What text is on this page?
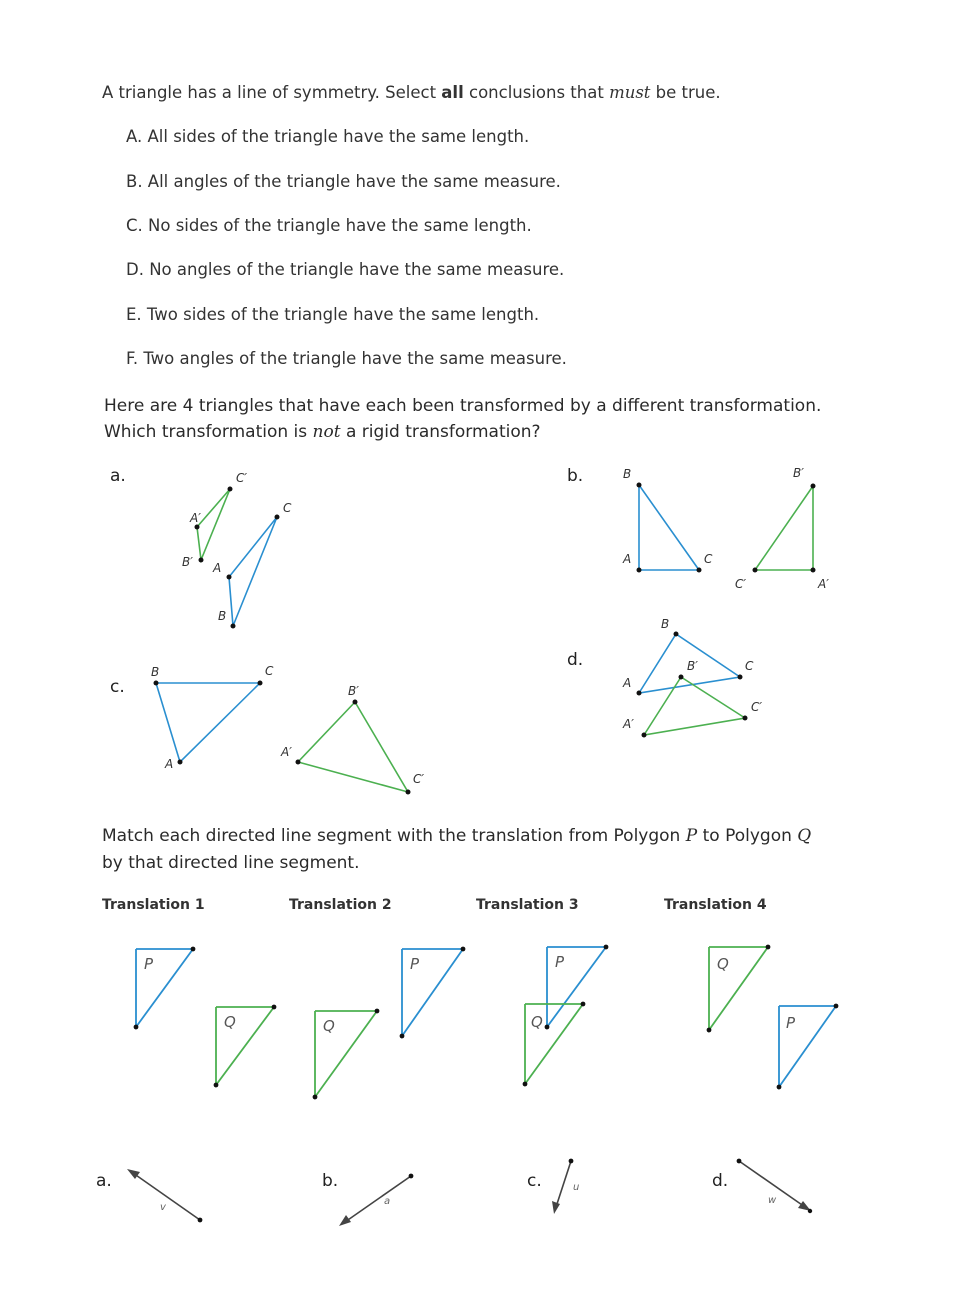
A triangle has a line of symmetry. Select all conclusions that must be true.
A. All sides of the triangle have the same length.
B. All angles of the triangle have the same measure.
C. No sides of the triangle have the same length.
D. No angles of the triangle have the same measure.
E. Two sides of the triangle have the same length.
F. Two angles of the triangle have the same measure.
Here are 4 triangles that have each been transformed by a different transformation.
Which transformation is not a rigid transformation?
a.	b.
c.
d.
C′
A′
C
B′ A
B
B	B′
A	C
C′	A′
B	C
B′
A′
A
C′
B
B′	C
A
C′
A′
P
Q
P
Q
P
Q
Q
P
v
a
u
w
Match each directed line segment with the translation from Polygon P to Polygon Q
by that directed line segment.
Translation 1	Translation 2	Translation 3	Translation 4
a.	b.	c.	d.
